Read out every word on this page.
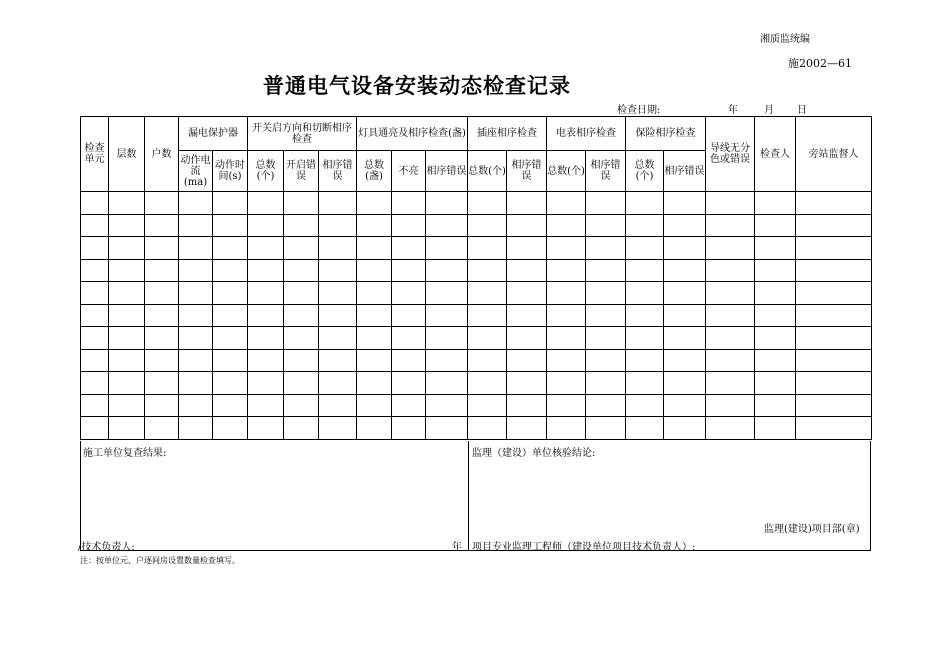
湘质监统编
施2002—61
普通电气设备安装动态检查记录
检查日期:	年	月 日
检查单元	层数	户数	漏电保护器		开关启方向和切断相序检查			灯具通亮及相序检查(盏)			插座相序检查		电表相序检查		保险相序检查		导线无分色或错误	检查人	旁站监督人
			动作电流(ma)	动作时间(s)	总数(个)	开启错误	相序错误	总数(盏)	不亮	相序错误	总数(个)	相序错误	总数(个)	相序错误	总数(个)	相序错误			

施工单位复查结果:
/技术负责人:	年
监理（建设）单位核验结论:
监理(建设)项目部(章)
项目专业监理工程师（建设单位项目技术负责人）:
注：按单位元、户逐间房设置数量检查填写。
